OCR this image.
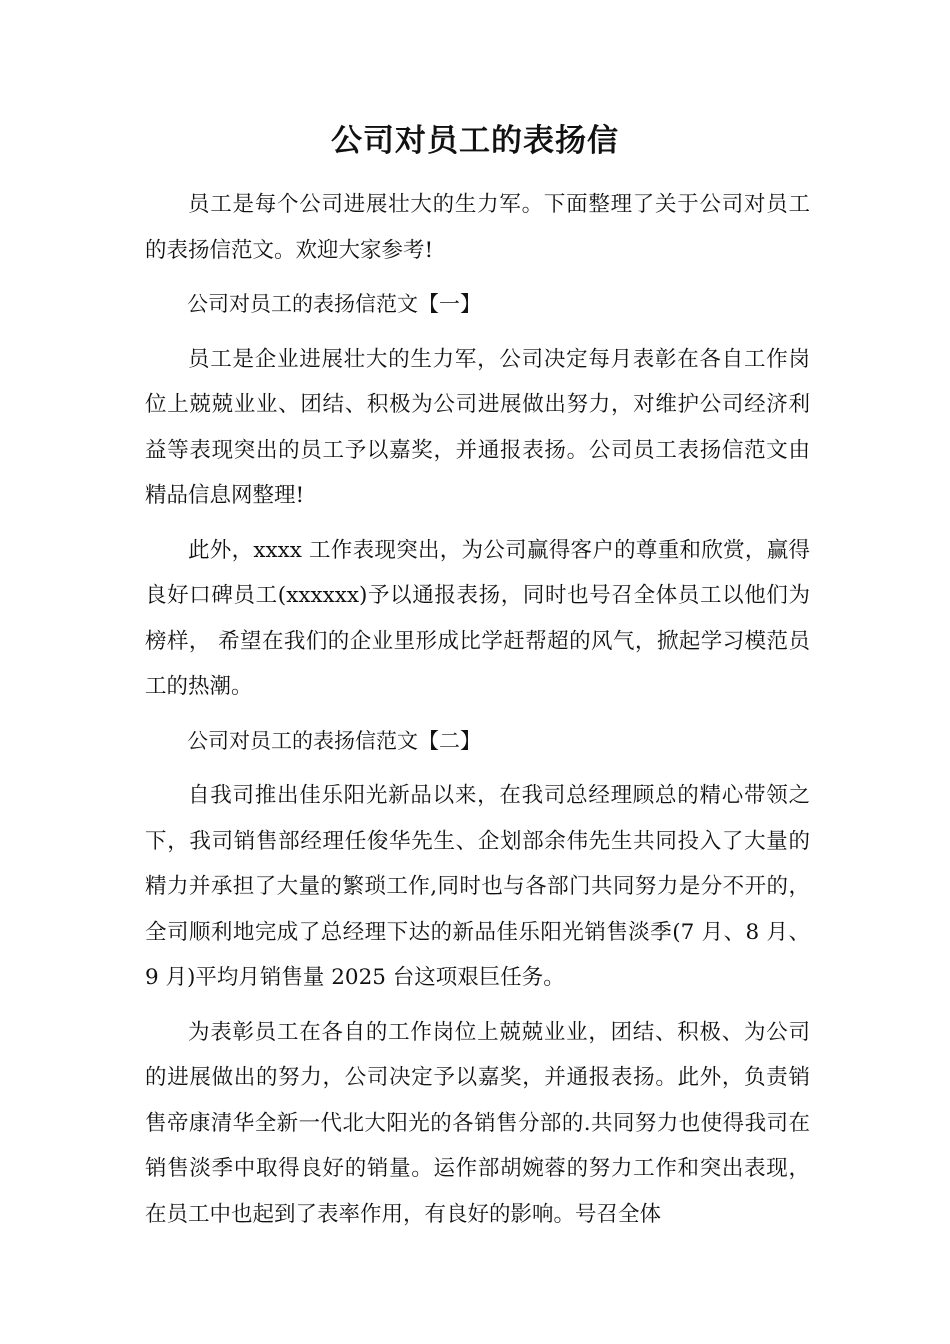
公司对员工的表扬信

员工是每个公司进展壮大的生力军。下面整理了关于公司对员工的表扬信范文。欢迎大家参考!

公司对员工的表扬信范文【一】

员工是企业进展壮大的生力军，公司决定每月表彰在各自工作岗位上兢兢业业、团结、积极为公司进展做出努力，对维护公司经济利益等表现突出的员工予以嘉奖，并通报表扬。公司员工表扬信范文由精品信息网整理!

此外，xxxx 工作表现突出，为公司赢得客户的尊重和欣赏，赢得良好口碑员工(xxxxxx)予以通报表扬，同时也号召全体员工以他们为榜样， 希望在我们的企业里形成比学赶帮超的风气，掀起学习模范员工的热潮。

公司对员工的表扬信范文【二】

自我司推出佳乐阳光新品以来，在我司总经理顾总的精心带领之下，我司销售部经理任俊华先生、企划部余伟先生共同投入了大量的精力并承担了大量的繁琐工作,同时也与各部门共同努力是分不开的，全司顺利地完成了总经理下达的新品佳乐阳光销售淡季(7 月、8 月、9 月)平均月销售量 2025 台这项艰巨任务。

为表彰员工在各自的工作岗位上兢兢业业，团结、积极、为公司的进展做出的努力，公司决定予以嘉奖，并通报表扬。此外，负责销售帝康清华全新一代北大阳光的各销售分部的.共同努力也使得我司在销售淡季中取得良好的销量。运作部胡婉蓉的努力工作和突出表现，在员工中也起到了表率作用，有良好的影响。号召全体
